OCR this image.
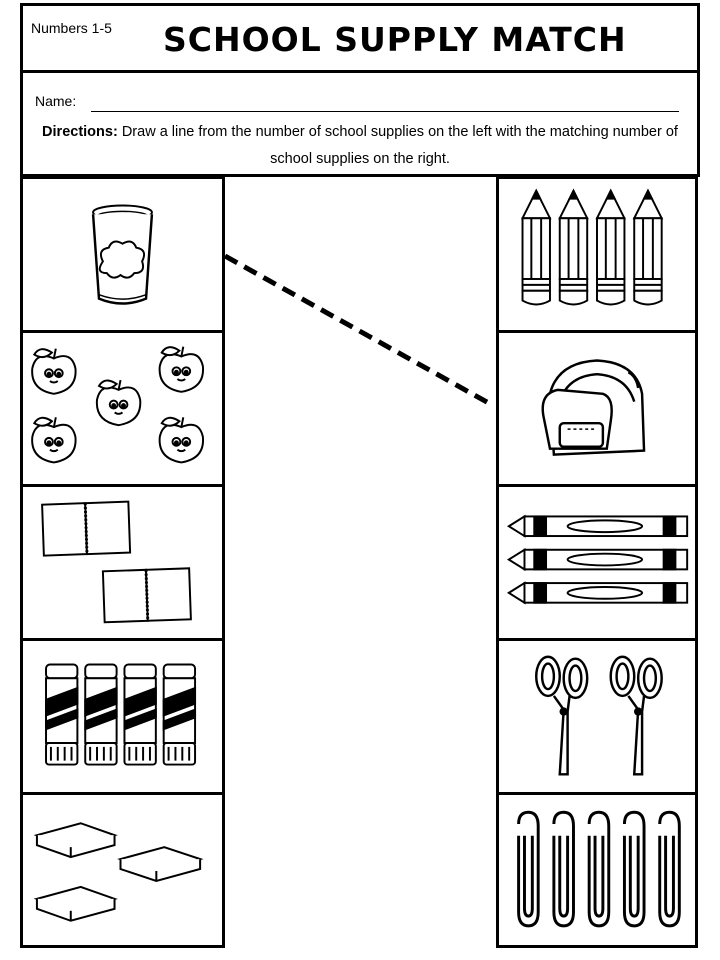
Numbers 1-5 SCHOOL SUPPLY MATCH
Name:
Directions: Draw a line from the number of school supplies on the left with the matching number of school supplies on the right.
